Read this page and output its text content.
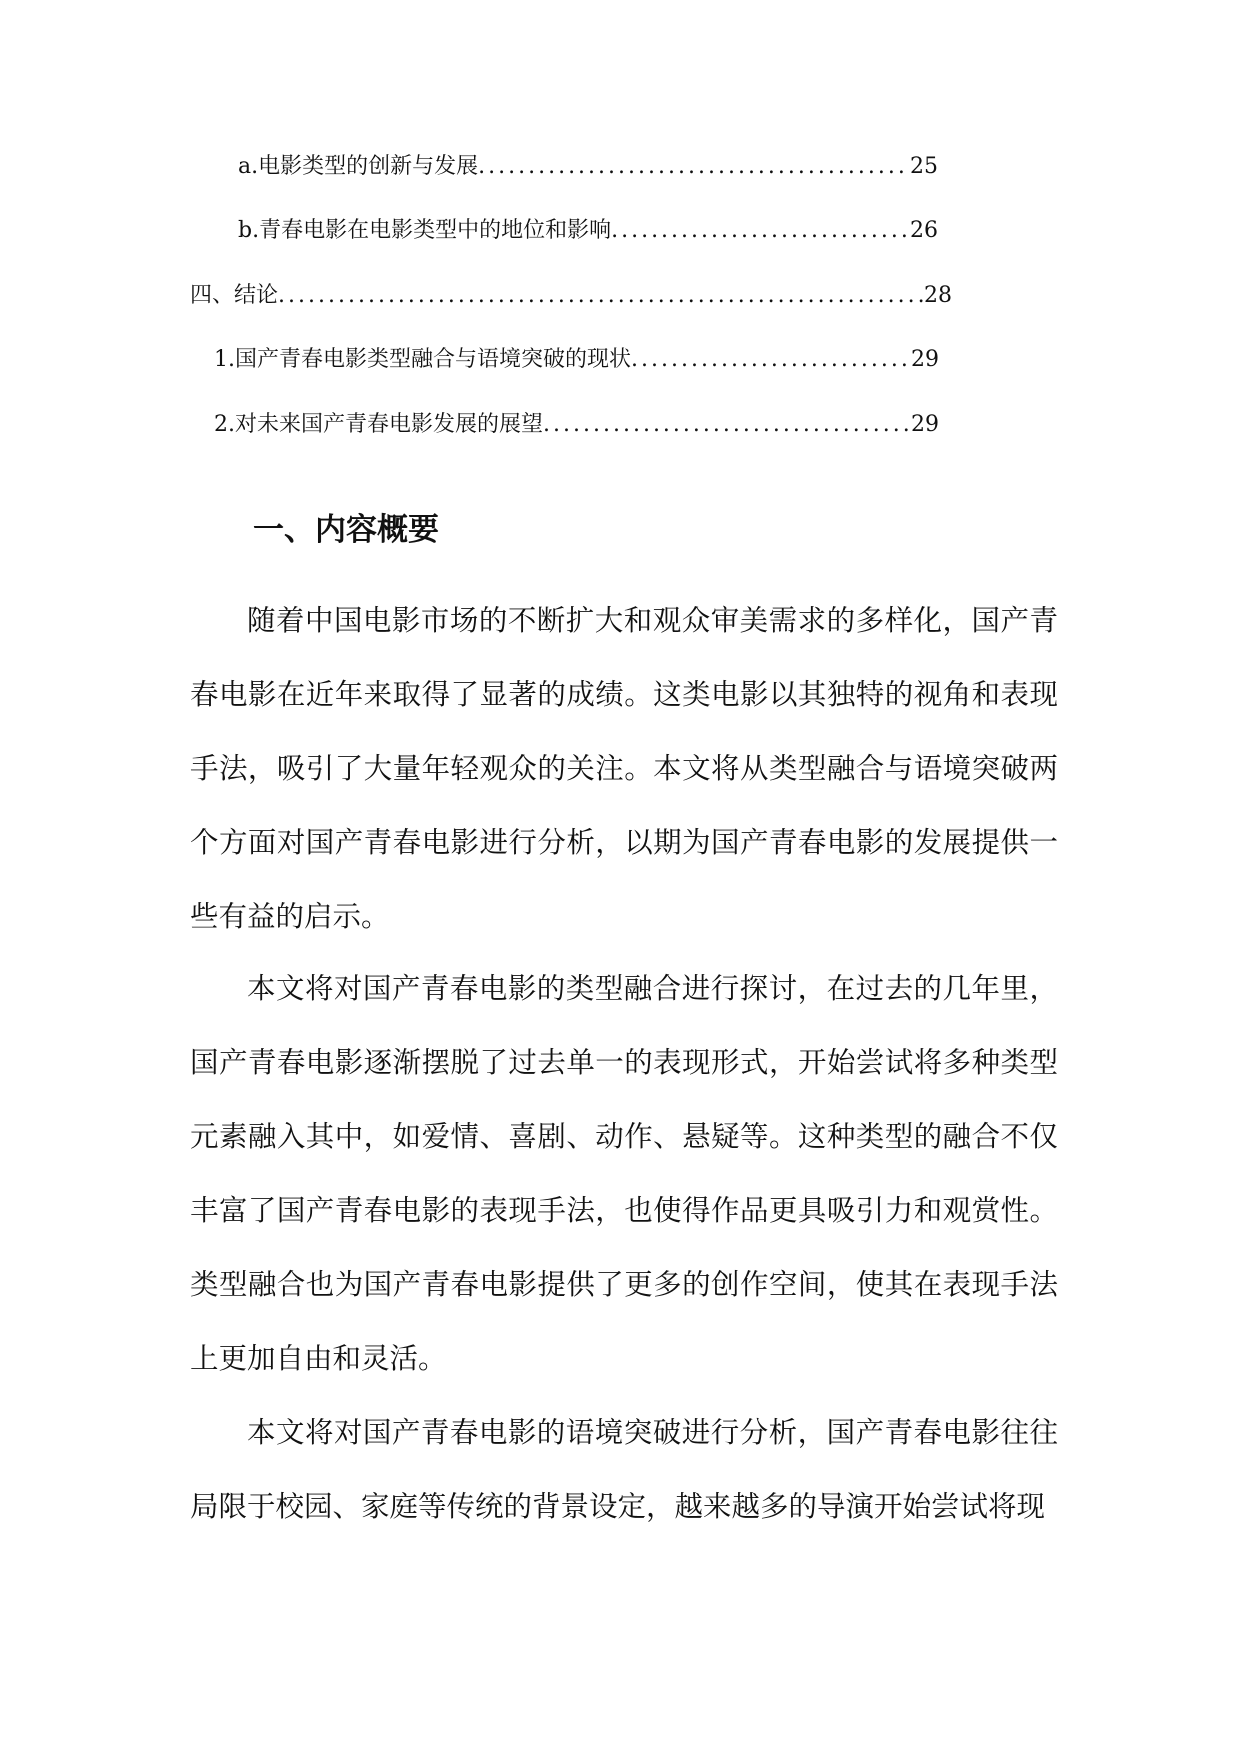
a. 电影类型的创新与发展 .....	25
b. 青春电影在电影类型中的地位和影响 .....	26
四、结论 .....	28
1. 国产青春电影类型融合与语境突破的现状 .....	29
2. 对未来国产青春电影发展的展望 .....	29
一、内容概要

随着中国电影市场的不断扩大和观众审美需求的多样化，国产青春电影在近年来取得了显著的成绩。这类电影以其独特的视角和表现手法，吸引了大量年轻观众的关注。本文将从类型融合与语境突破两个方面对国产青春电影进行分析，以期为国产青春电影的发展提供一些有益的启示。

本文将对国产青春电影的类型融合进行探讨，在过去的几年里，国产青春电影逐渐摆脱了过去单一的表现形式，开始尝试将多种类型元素融入其中，如爱情、喜剧、动作、悬疑等。这种类型的融合不仅丰富了国产青春电影的表现手法，也使得作品更具吸引力和观赏性。类型融合也为国产青春电影提供了更多的创作空间，使其在表现手法上更加自由和灵活。

本文将对国产青春电影的语境突破进行分析，国产青春电影往往局限于校园、家庭等传统的背景设定，越来越多的导演开始尝试将现
